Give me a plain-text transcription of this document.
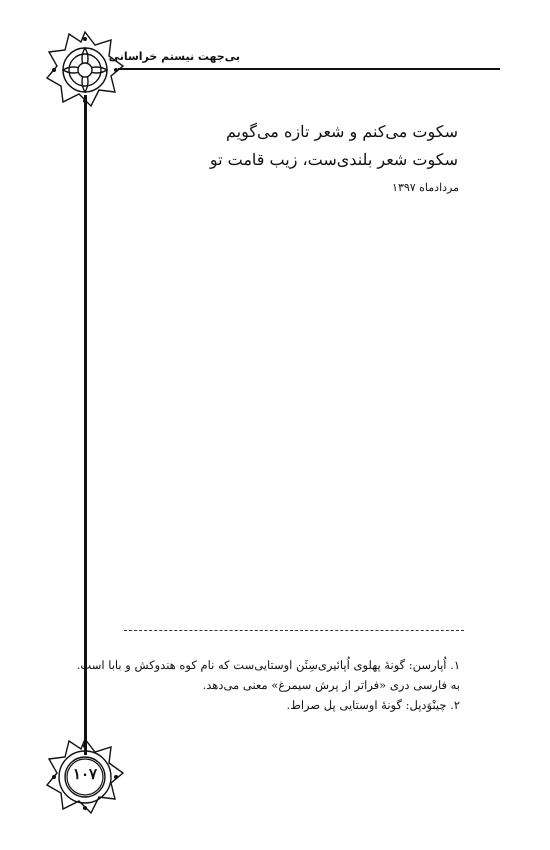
بی‌جهت نیستم خراسانی
سکوت می‌کنم و شعر تازه می‌گویم
سکوت شعر بلندی‌ست، زیب قامت تو
مردادماه ۱۳۹۷
۱. اُپارسن: گونهٔ پهلوی اُپائیری‌سِئَن اوستایی‌ست که نام کوه هندوکش و بابا است.
به فارسی دری «فراتر از پرش سیمرغ» معنی می‌دهد.
۲. چینْوَدپل: گونهٔ اوستایی پل صراط.
۱۰۷
